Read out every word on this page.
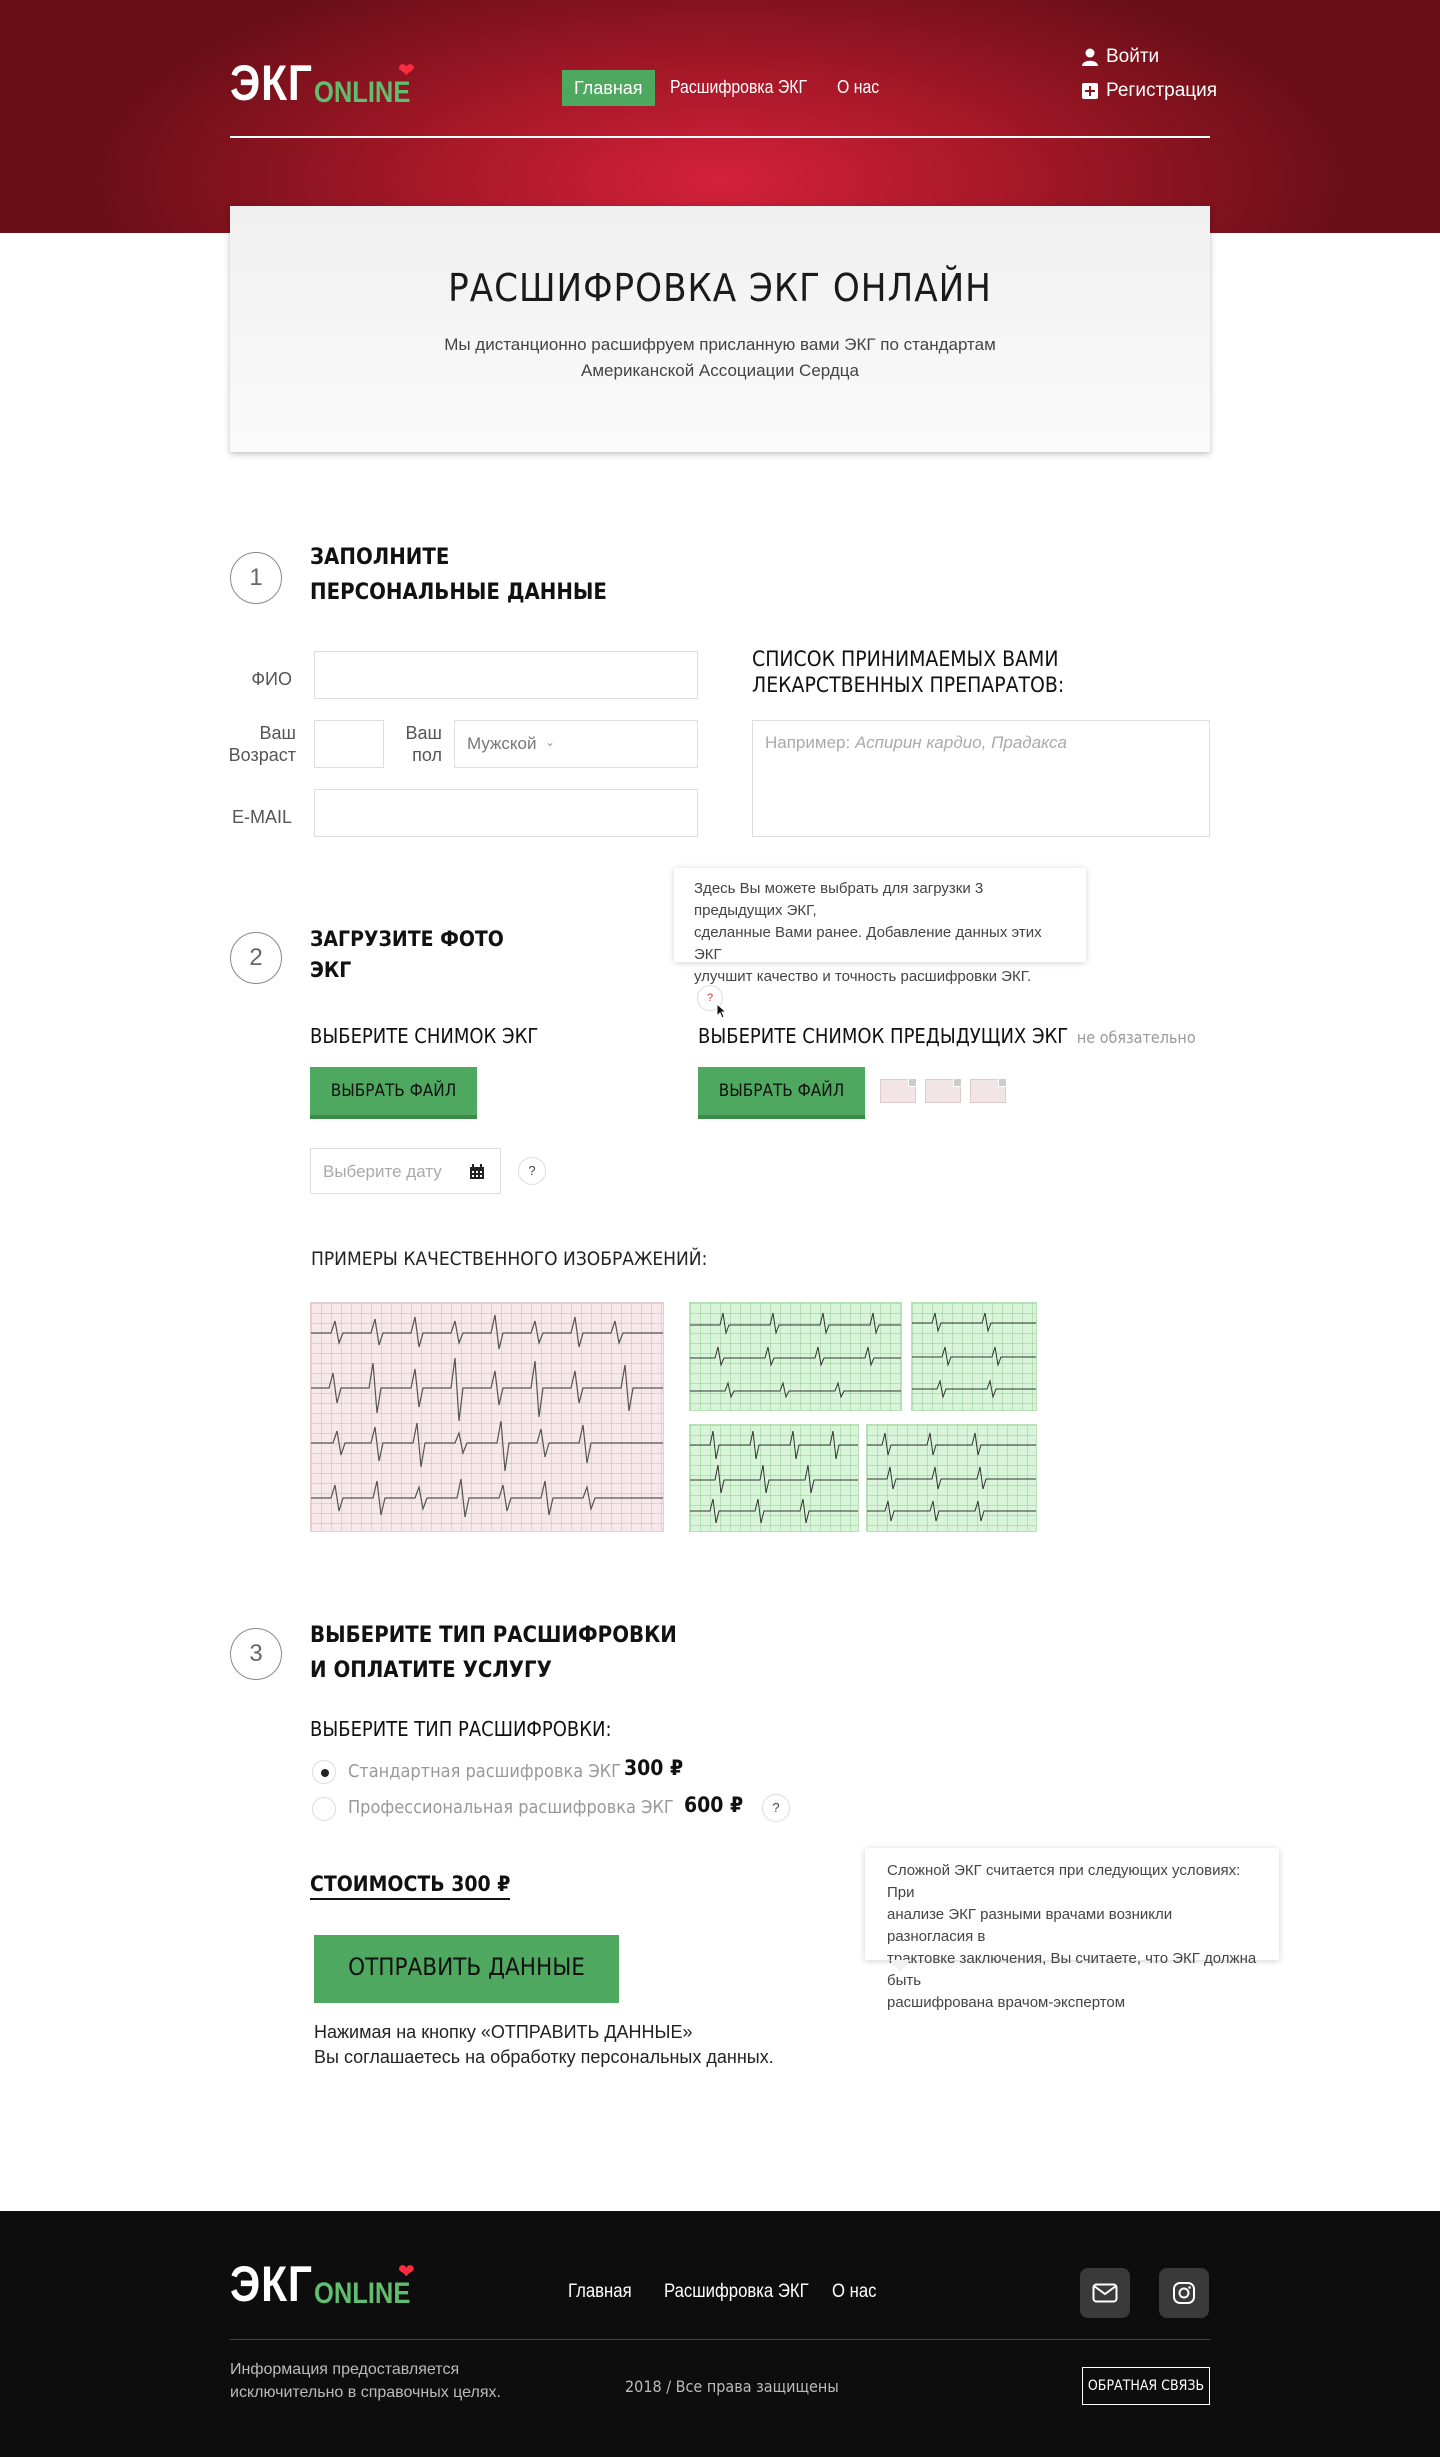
ЭКГ ONLINE
❤
Главная	Расшифровка ЭКГ О нас
Войти
Регистрация
РАСШИФРОВКА ЭКГ ОНЛАЙН
Мы дистанционно расшифруем присланную вами ЭКГ по стандартам
Американской Ассоциации Сердца
1
ЗАПОЛНИТЕ
ПЕРСОНАЛЬНЫЕ ДАННЫЕ
ФИО
Ваш
Возраст
Ваш
пол
Мужской ⌄
E-MAIL
СПИСОК ПРИНИМАЕМЫХ ВАМИ
ЛЕКАРСТВЕННЫХ ПРЕПАРАТОВ:
Например: Аспирин кардио, Прадакса
Здесь Вы можете выбрать для загрузки 3 предыдущих ЭКГ,
сделанные Вами ранее. Добавление данных этих ЭКГ
улучшит качество и точность расшифровки ЭКГ.
?
2
ЗАГРУЗИТЕ ФОТО
ЭКГ
ВЫБЕРИТЕ СНИМОК ЭКГ	ВЫБЕРИТЕ СНИМОК ПРЕДЫДУЩИХ ЭКГ не обязательно
ВЫБРАТЬ ФАЙЛ	ВЫБРАТЬ ФАЙЛ
Выберите дату	?
ПРИМЕРЫ КАЧЕСТВЕННОГО ИЗОБРАЖЕНИЙ:
3
ВЫБЕРИТЕ ТИП РАСШИФРОВКИ
И ОПЛАТИТЕ УСЛУГУ
ВЫБЕРИТЕ ТИП РАСШИФРОВКИ:
Стандартная расшифровка ЭКГ 300 ₽
Профессиональная расшифровка ЭКГ 600 ₽	?
Сложной ЭКГ считается при следующих условиях: При
анализе ЭКГ разными врачами возникли разногласия в
трактовке заключения, Вы считаете, что ЭКГ должна быть
расшифрована врачом-экспертом
СТОИМОСТЬ 300 ₽
ОТПРАВИТЬ ДАННЫЕ
Нажимая на кнопку «ОТПРАВИТЬ ДАННЫЕ»
Вы соглашаетесь на обработку персональных данных.
ЭКГ ONLINE
❤
Главная Расшифровка ЭКГ О нас
Информация предоставляется
исключительно в справочных целях.	2018 / Все права защищены	ОБРАТНАЯ СВЯЗЬ
